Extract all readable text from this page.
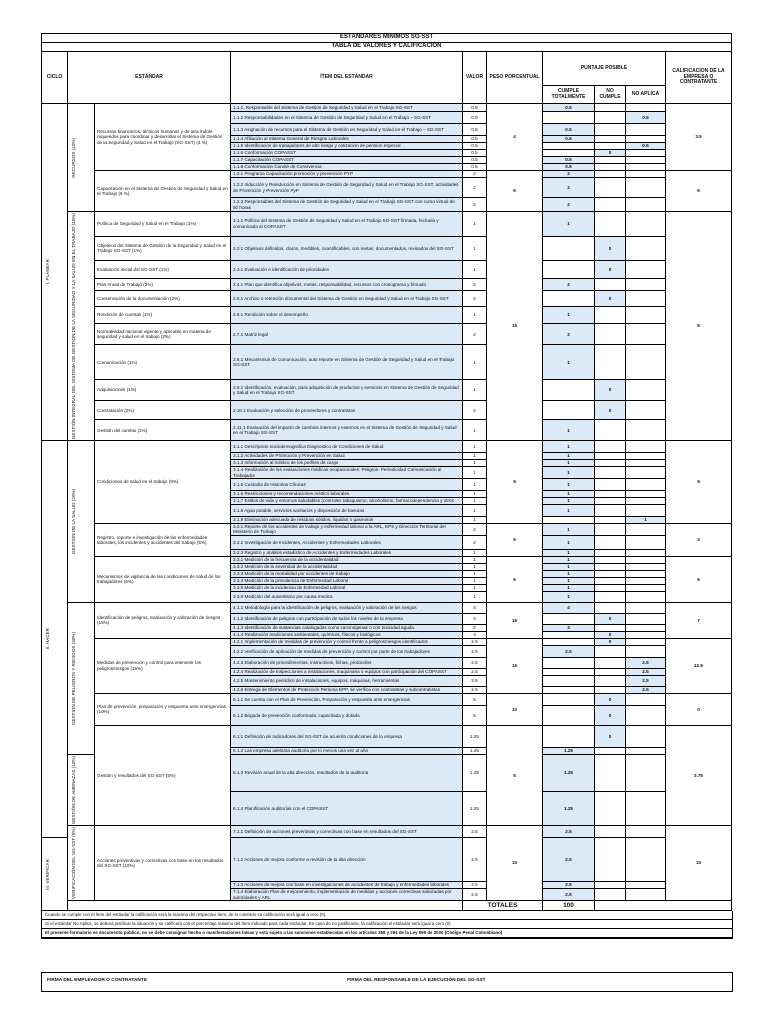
ESTÁNDARES MÍNIMOS SG-SST										
TABLA DE VALORES Y CALIFICACIÓN										
CICLO	ESTÁNDAR		ÍTEM DEL ESTÁNDAR	VALOR	PESO PORCENTUAL	PUNTAJE POSIBLE			CALIFICACION DE LA EMPRESA O CONTRATANTE	
						CUMPLE TOTALMENTE	NO CUMPLE	NO APLICA		

I. PLANEAR	RECURSOS (10%)	Recursos financieros, técnicos humanos y de otra índole requeridos para coordinar y desarrollar el Sistema de Gestión de la Seguridad y Salud en el Trabajo (SG-SST) (4 %)	1.1.1. Responsable del Sistema de Gestión de Seguridad y Salud en el Trabajo SG-SST	0.5	4	0.5			3.5	
			1.1.2 Responsabilidades en el Sistema de Gestión de Seguridad y Salud en el Trabajo – SG-SST	0.5				0.5		
			1.1.3 Asignación de recursos para el Sistema de Gestión en Seguridad y Salud en el Trabajo – SG-SST	0.5		0.5				
			1.1.4 Afiliación al Sistema General de Riesgos Laborales	0.5		0.5				
			1.1.5 Identificación de trabajadores de alto riesgo y cotizacion de pension especial	0.5				0.5		
			1.1.6 Conformación COPASST	0.5			0			
			1.1.7 Capacitación COPASST	0.5		0.5				
			1.1.8 Conformación Comité de Convivencia	0.5		0.5				
		Capacitación en el Sistema de Gestión de Seguridad y Salud en el Trabajo (6 %)	1.2.1 Programa Capacitación promoción y prevención PYP	2	6	2			6	
			1.2.2 Inducción y Reinducción en Sistema de Gestión de Seguridad y Salud en el Trabajo SG-SST, actividades de Promoción y Prevención PyP	2		2				
			1.2.3 Responsables del Sistema de Gestión de Seguridad y Salud en el Trabajo SG-SST con curso virtual de 50 horas	2		2				

	GESTIÓN INTEGRAL DEL SISTEMA DE GESTIÓN DE LA SEGURIDAD Y LA SALUD EN EL TRABAJO (15%)	Política de Seguridad y Salud en el Trabajo (1%)	2.1.1 Política del Sistema de Gestión de Seguridad y Salud en el Trabajo SG-SST firmada, fechada y comunicada al COPASST	1	15	1			8	
		Objetivos del Sistema de Gestión de la Seguridad y Salud en el Trabajo SG-SST (1%)	2.2.1 Objetivos definidos, claros, medibles, cuantificables, con metas, documentados, revisados del SG-SST	1			0			
		Evaluación inicial del SG-SST (1%)	2.3.1 Evaluación e identificación de prioridades	1			0			
		Plan Anual de Trabajo (2%)	2.4.1 Plan que identifica objetivos, metas, responsabilidad, recursos con cronograma y firmado	2		2				
		Conservación de la documentación (2%)	2.5.1 Archivo o retención documental del Sistema de Gestión en Seguridad y Salud en el Trabajo SG-SST	2			0			
		Rendición de cuentas (1%)	2.6.1 Rendición sobre el desempeño	1		1				
		Normatividad nacional vigente y aplicable en materia de seguridad y salud en el trabajo (2%)	2.7.1 Matriz legal	2		2				
		Comunicación (1%)	2.8.1 Mecanismos de comunicación, auto reporte en Sistema de Gestión de Seguridad y Salud en el Trabajo SG-SST	1		1				
		Adquisiciones (1%)	2.9.1 Identificación, evaluación, para adquisición de productos y servicios en Sistema de Gestión de Seguridad y Salud en el Trabajo SG-SST	1			0			
		Contratación (2%)	2.10.1 Evaluación y selección de proveedores y contratistas	2			0			
		Gestión del cambio (1%)	2.11.1 Evaluación del impacto de cambios internos y externos en el Sistema de Gestión de Seguridad y Salud en el Trabajo SG-SST	1		1				

II. HACER	GESTIÓN DE LA SALUD (20%)	Condiciones de salud en el trabajo (9%)	3.1.1 Descripcion sociodemografica Diagnostico de Condiciones de Salud	1	9	1			9	
			3.1.2 Actividades de Promoción y Prevención en Salud	1		1				
			3.1.3 Información al médico de los perfiles de cargo	1		1				
			3.1.4 Realización de los evaluaciones médicas ocupacionales: Peligros- Periodicidad Comunicación al Trabajador	1		1				
			3.1.5 Custodia de Historias Clínicas	1		1				
			3.1.6 Restricciones y recomendaciones médico laborales	1		1				
			3.1.7 Estilos de vida y entornos saludables (controles tabaquismo, alcoholismo, farmacodependencia y otros	1		1				
			3.1.8 Agua potable, servicios sanitarios y disposición de basuras	1		1				
			3.1.9 Eliminación adecuada de residuos sólidos, líquidos o gaseosos	1				1		
		Registro, reporte e investigación de las enfermedades laborales, los incidentes y accidentes del trabajo (5%)	3.2.1 Reporte de los accidentes de trabajo y enfermedad laboral a la ARL, EPS y Dirección Territorial del Ministerio de Trabajo	2	5	1			3	
			3.2.2 Investigación de Incidentes, Accidentes y Enfermedades Laborales	2		1				
			3.2.3 Registro y análisis estadístico de Accidentes y Enfermedades Laborales	1		1				
		Mecanismos de vigilancia de las condiciones de salud de los trabajadores (6%)	3.3.1 Medición de la frecuencia de la accidentalidad	1	6	1			6	
			3.3.2 Medición de la severidad de la accidentalidad	1		1				
			3.3.3 Medición de la mortalidad por accidentes de trabajo	1		1				
			3.3.4 Medición de la prevalencia de Enfermedad Laboral	1		1				
			3.3.5 Medición de la incidencia de Enfermedad Laboral	1		1				
			3.3.6 Medición del ausentismo por causa medica	1		1				

	GESTIÓN DE PELIGROS Y RIESGOS (30%)	Identificación de peligros, evaluación y valoración de riesgos (15%)	4.1.1 Metodología para la identificación de peligros, evaluación y valoración de los riesgos	4	15	4			7	
			4.1.2 Identificación de peligros con participación de todos los niveles de la empresa	4			0			
			4.1.3 Identificación de sustancias catalogadas como carcinógenas o con toxicidad aguda.	3		3				
			4.1.4 Realización mediciones ambientales, químicos, físicos y biológicos	4			0			
		Medidas de prevención y control para intervenir los peligros/riesgos (15%)	4.2.1 Implementación de medidas de prevención y control frente a peligros/riesgos identificados	2.5	15		0		12.5	
			4.2.2 Verificación de aplicación de medidas de prevención y control por parte de los trabajadores	2.5		2.5				
			4.2.3 Elaboración de procedimientos, instructivos, fichas, protocolos	2.5				2.5		
			4.2.4 Realización de Inspecciones a instalaciones, maquinaria o equipos con participación del COPASST	2.5				2.5		
			4.2.5 Mantenimiento periódico de instalaciones, equipos, máquinas, herramientas	2.5				2.5		
			4.2.6 Entrega de Elementos de Protección Persona EPP, se verifica con contratistas y subcontratistas	2.5				2.5		
		Plan de prevención, preparación y respuesta ante emergencias (10%)	5.1.1 Se cuenta con el Plan de Prevención, Preparación y respuesta ante emergencias	5	10		0		0	
			5.1.2 Brigada de prevención conformada, capacitada y dotada	5			0			
		Gestión y resultados del SG-SST (5%)	6.1.1 Definición de Indicadores del SG-SST de acuerdo condiciones de la empresa	1.25	5		0		3.75	
			6.1.2 Las empresa adelanta auditoría por lo menos una vez al año	1.25		1.25				

	GESTIÓN DE AMENAZAS (10%)		6.1.3 Revisión anual de la alta dirección, resultados de la auditoría	1.25		1.25				
			6.1.4 Planificación auditorías con el COPASST	1.25		1.25				

	VERIFICACIÓN DEL SG-SST (5%)	Acciones preventivas y correctivas con base en los resultados del SG-SST (10%)	7.1.1 Definición de acciones preventivas y correctivas con base en resultados del SG-SST	2.5	10	2.5			10	

III. VERIFICAR			7.1.2 Acciones de mejora conforme a revisión de la alta dirección	2.5		2.5				
			7.1.3 Acciones de mejora con base en investigaciones de accidentes de trabajo y enfermedades laborales	2.5		2.5				
			7.1.4 Elaboración Plan de mejoramiento, implementación de medidas y acciones correctivas solicitadas por autoridades y ARL	2.5		2.5				
				TOTALES		100		
Cuando se cumple con el ítem del estándar la calificación será la máxima del respectivo ítem, de lo contrario su calificación será igual a cero (0).
Si el estándar No Aplica, se deberá justificar la situación y se calificará con el porcentaje máximo del ítem indicado para cada estándar. En caso de no justificarse, la calificación el estándar será igual a cero (0)
El presente formulario es documento público, no se debe consignar hecho o manifestaciones falsas y está sujeto a las sanciones establecidas en los artículos 288 y 294 de la Ley 599 de 2000 (Código Penal Colombiano)
FIRMA DEL EMPLEADOR O CONTRATANTE	FIRMA DEL RESPONSABLE DE LA EJECUCIÓN DEL SG-SST
